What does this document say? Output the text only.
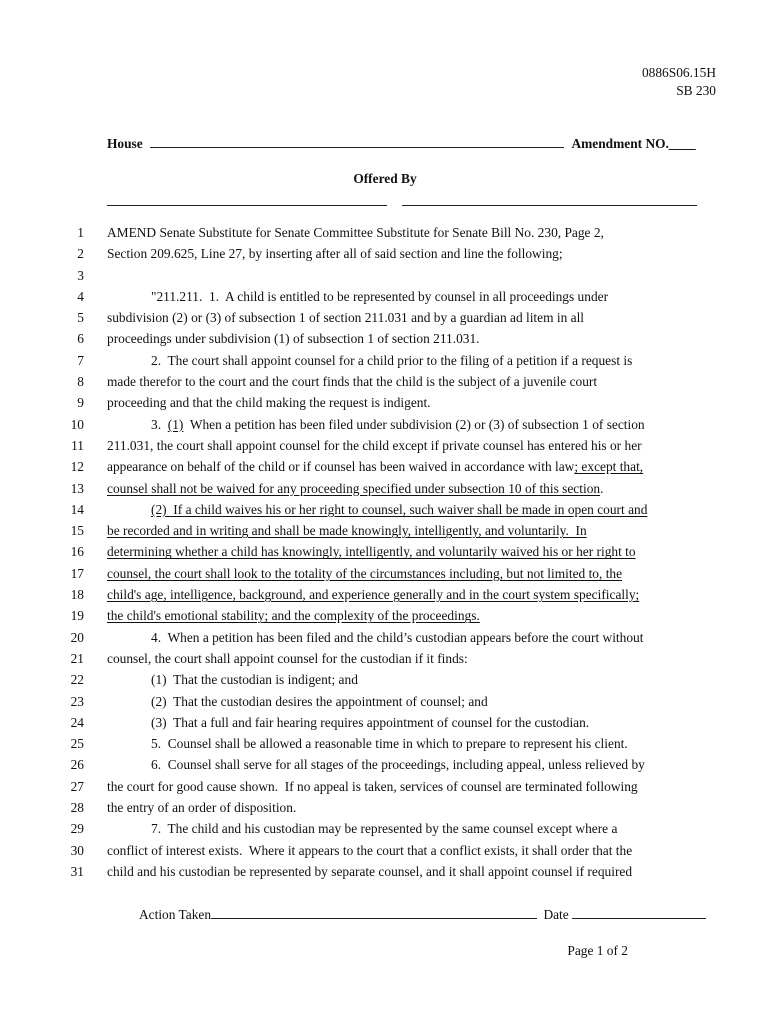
0886S06.15H
SB 230
House	Amendment NO.____
Offered By
1 AMEND Senate Substitute for Senate Committee Substitute for Senate Bill No. 230, Page 2,
2 Section 209.625, Line 27, by inserting after all of said section and line the following;
3
4	"211.211.  1.  A child is entitled to be represented by counsel in all proceedings under
5 subdivision (2) or (3) of subsection 1 of section 211.031 and by a guardian ad litem in all
6 proceedings under subdivision (1) of subsection 1 of section 211.031.
7	2.  The court shall appoint counsel for a child prior to the filing of a petition if a request is
8 made therefor to the court and the court finds that the child is the subject of a juvenile court
9 proceeding and that the child making the request is indigent.
10	3.  (1)  When a petition has been filed under subdivision (2) or (3) of subsection 1 of section
11 211.031, the court shall appoint counsel for the child except if private counsel has entered his or her
12 appearance on behalf of the child or if counsel has been waived in accordance with law; except that,
13 counsel shall not be waived for any proceeding specified under subsection 10 of this section.
14	(2)  If a child waives his or her right to counsel, such waiver shall be made in open court and
15 be recorded and in writing and shall be made knowingly, intelligently, and voluntarily.  In
16 determining whether a child has knowingly, intelligently, and voluntarily waived his or her right to
17 counsel, the court shall look to the totality of the circumstances including, but not limited to, the
18 child's age, intelligence, background, and experience generally and in the court system specifically;
19 the child's emotional stability; and the complexity of the proceedings.
20	4.  When a petition has been filed and the child’s custodian appears before the court without
21 counsel, the court shall appoint counsel for the custodian if it finds:
22	(1)  That the custodian is indigent; and
23	(2)  That the custodian desires the appointment of counsel; and
24	(3)  That a full and fair hearing requires appointment of counsel for the custodian.
25	5.  Counsel shall be allowed a reasonable time in which to prepare to represent his client.
26	6.  Counsel shall serve for all stages of the proceedings, including appeal, unless relieved by
27 the court for good cause shown.  If no appeal is taken, services of counsel are terminated following
28 the entry of an order of disposition.
29	7.  The child and his custodian may be represented by the same counsel except where a
30 conflict of interest exists.  Where it appears to the court that a conflict exists, it shall order that the
31 child and his custodian be represented by separate counsel, and it shall appoint counsel if required
Action Taken	Date
Page 1 of 2
